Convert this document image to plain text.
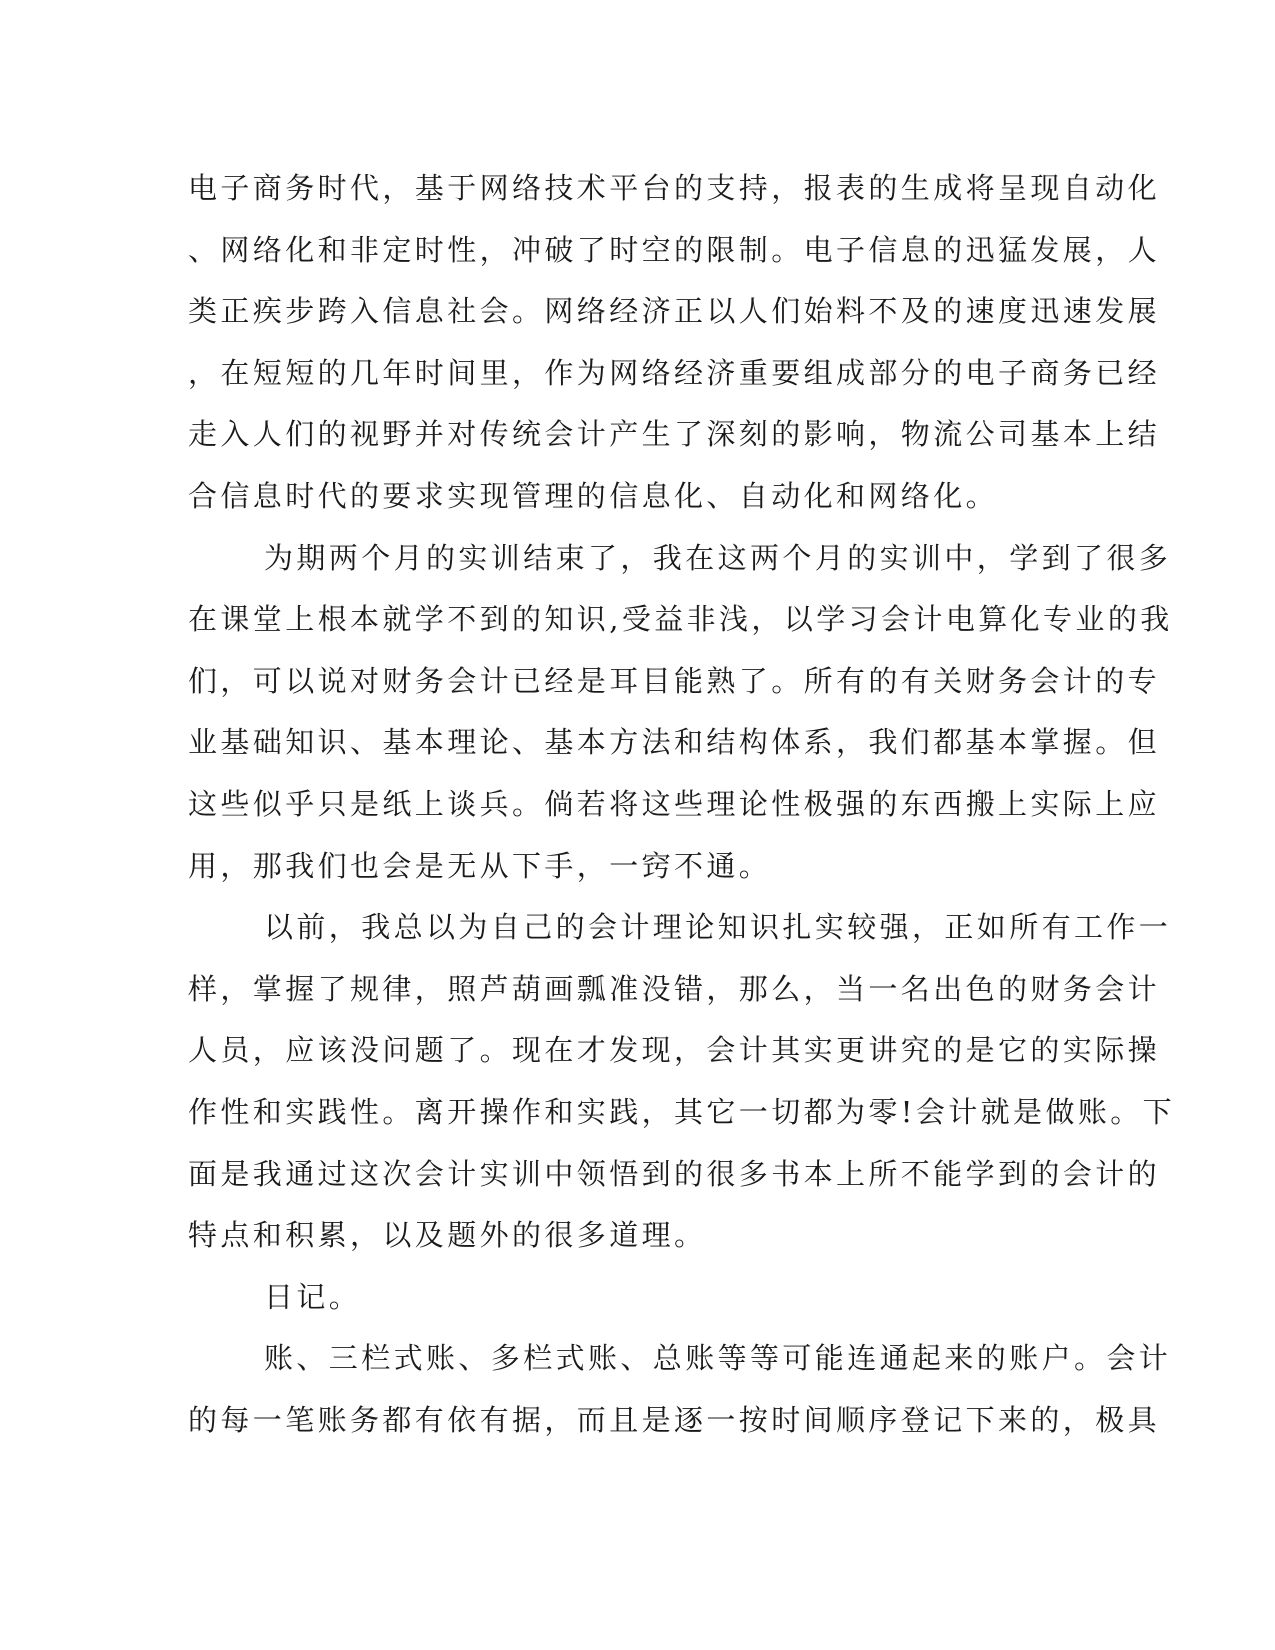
电子商务时代，基于网络技术平台的支持，报表的生成将呈现自动化
、网络化和非定时性，冲破了时空的限制。电子信息的迅猛发展，人
类正疾步跨入信息社会。网络经济正以人们始料不及的速度迅速发展
，在短短的几年时间里，作为网络经济重要组成部分的电子商务已经
走入人们的视野并对传统会计产生了深刻的影响，物流公司基本上结
合信息时代的要求实现管理的信息化、自动化和网络化。
为期两个月的实训结束了，我在这两个月的实训中，学到了很多
在课堂上根本就学不到的知识,受益非浅，以学习会计电算化专业的我
们，可以说对财务会计已经是耳目能熟了。所有的有关财务会计的专
业基础知识、基本理论、基本方法和结构体系，我们都基本掌握。但
这些似乎只是纸上谈兵。倘若将这些理论性极强的东西搬上实际上应
用，那我们也会是无从下手，一窍不通。
以前，我总以为自己的会计理论知识扎实较强，正如所有工作一
样，掌握了规律，照芦葫画瓢准没错，那么，当一名出色的财务会计
人员，应该没问题了。现在才发现，会计其实更讲究的是它的实际操
作性和实践性。离开操作和实践，其它一切都为零!会计就是做账。下
面是我通过这次会计实训中领悟到的很多书本上所不能学到的会计的
特点和积累，以及题外的很多道理。
日记。
账、三栏式账、多栏式账、总账等等可能连通起来的账户。会计
的每一笔账务都有依有据，而且是逐一按时间顺序登记下来的，极具
